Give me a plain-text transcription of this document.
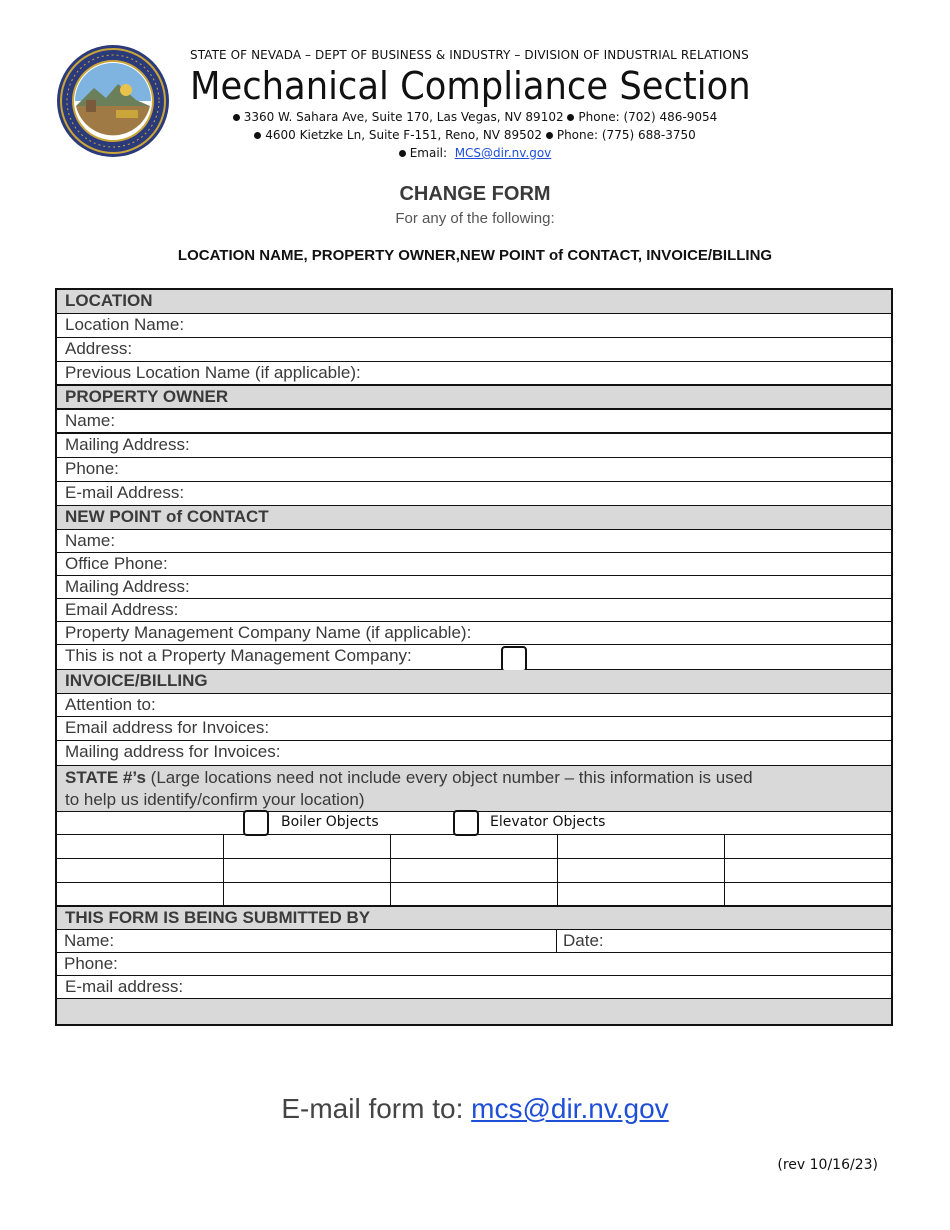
STATE OF NEVADA – DEPT OF BUSINESS & INDUSTRY – DIVISION OF INDUSTRIAL RELATIONS
Mechanical Compliance Section
3360 W. Sahara Ave, Suite 170, Las Vegas, NV 89102 Phone: (702) 486-9054
4600 Kietzke Ln, Suite F-151, Reno, NV 89502 Phone: (775) 688-3750
Email: MCS@dir.nv.gov
CHANGE FORM
For any of the following:
LOCATION NAME, PROPERTY OWNER,NEW POINT of CONTACT, INVOICE/BILLING
LOCATION
Location Name:
Address:
Previous Location Name (if applicable):
PROPERTY OWNER
Name:
Mailing Address:
Phone:
E-mail Address:
NEW POINT of CONTACT
Name:
Office Phone:
Mailing Address:
Email Address:
Property Management Company Name (if applicable):
This is not a Property Management Company:
INVOICE/BILLING
Attention to:
Email address for Invoices:
Mailing address for Invoices:
STATE #’s (Large locations need not include every object number – this information is used to help us identify/confirm your location)
Boiler Objects	Elevator Objects
THIS FORM IS BEING SUBMITTED BY
Name:	Date:
Phone:
E-mail address:
E-mail form to: mcs@dir.nv.gov
(rev 10/16/23)
